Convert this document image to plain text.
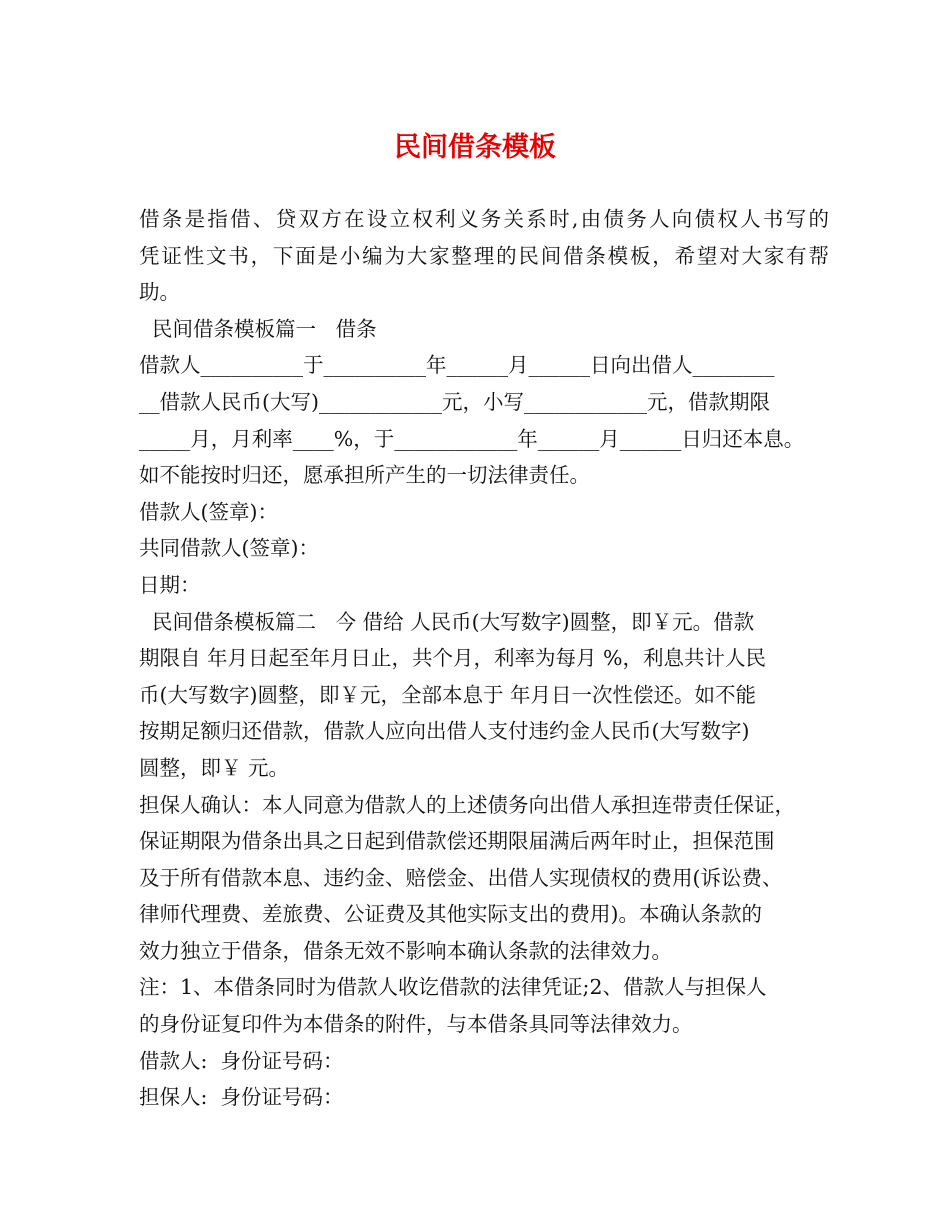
民间借条模板
借条是指借、贷双方在设立权利义务关系时,由债务人向债权人书写的
凭证性文书，下面是小编为大家整理的民间借条模板，希望对大家有帮
助。
民间借条模板篇一   借条
借款人__________于__________年______月______日向出借人________
__借款人民币(大写)____________元，小写____________元，借款期限
_____月，月利率____%，于____________年______月______日归还本息。
如不能按时归还，愿承担所产生的一切法律责任。
借款人(签章)：
共同借款人(签章)：
日期：
民间借条模板篇二   今 借给 人民币(大写数字)圆整，即￥元。借款
期限自 年月日起至年月日止，共个月，利率为每月 %，利息共计人民
币(大写数字)圆整，即￥元，全部本息于 年月日一次性偿还。如不能
按期足额归还借款，借款人应向出借人支付违约金人民币(大写数字)
圆整，即￥ 元。
担保人确认：本人同意为借款人的上述债务向出借人承担连带责任保证，
保证期限为借条出具之日起到借款偿还期限届满后两年时止，担保范围
及于所有借款本息、违约金、赔偿金、出借人实现债权的费用(诉讼费、
律师代理费、差旅费、公证费及其他实际支出的费用)。本确认条款的
效力独立于借条，借条无效不影响本确认条款的法律效力。
注：1、本借条同时为借款人收讫借款的法律凭证;2、借款人与担保人
的身份证复印件为本借条的附件，与本借条具同等法律效力。
借款人:  身份证号码：
担保人:  身份证号码：
